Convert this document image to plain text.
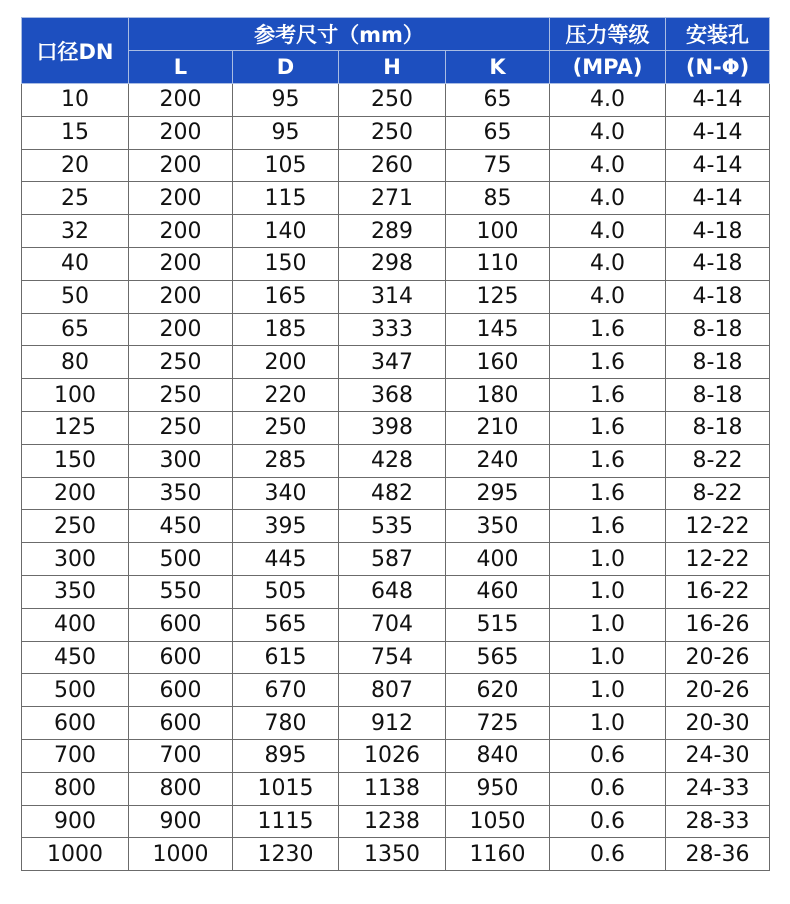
口径DN	参考尺寸（mm）				压力等级	安装孔
	L	D	H	K	(MPA)	(N-Φ)
10	200	95	250	65	4.0	4-14
15	200	95	250	65	4.0	4-14
20	200	105	260	75	4.0	4-14
25	200	115	271	85	4.0	4-14
32	200	140	289	100	4.0	4-18
40	200	150	298	110	4.0	4-18
50	200	165	314	125	4.0	4-18
65	200	185	333	145	1.6	8-18
80	250	200	347	160	1.6	8-18
100	250	220	368	180	1.6	8-18
125	250	250	398	210	1.6	8-18
150	300	285	428	240	1.6	8-22
200	350	340	482	295	1.6	8-22
250	450	395	535	350	1.6	12-22
300	500	445	587	400	1.0	12-22
350	550	505	648	460	1.0	16-22
400	600	565	704	515	1.0	16-26
450	600	615	754	565	1.0	20-26
500	600	670	807	620	1.0	20-26
600	600	780	912	725	1.0	20-30
700	700	895	1026	840	0.6	24-30
800	800	1015	1138	950	0.6	24-33
900	900	1115	1238	1050	0.6	28-33
1000	1000	1230	1350	1160	0.6	28-36
